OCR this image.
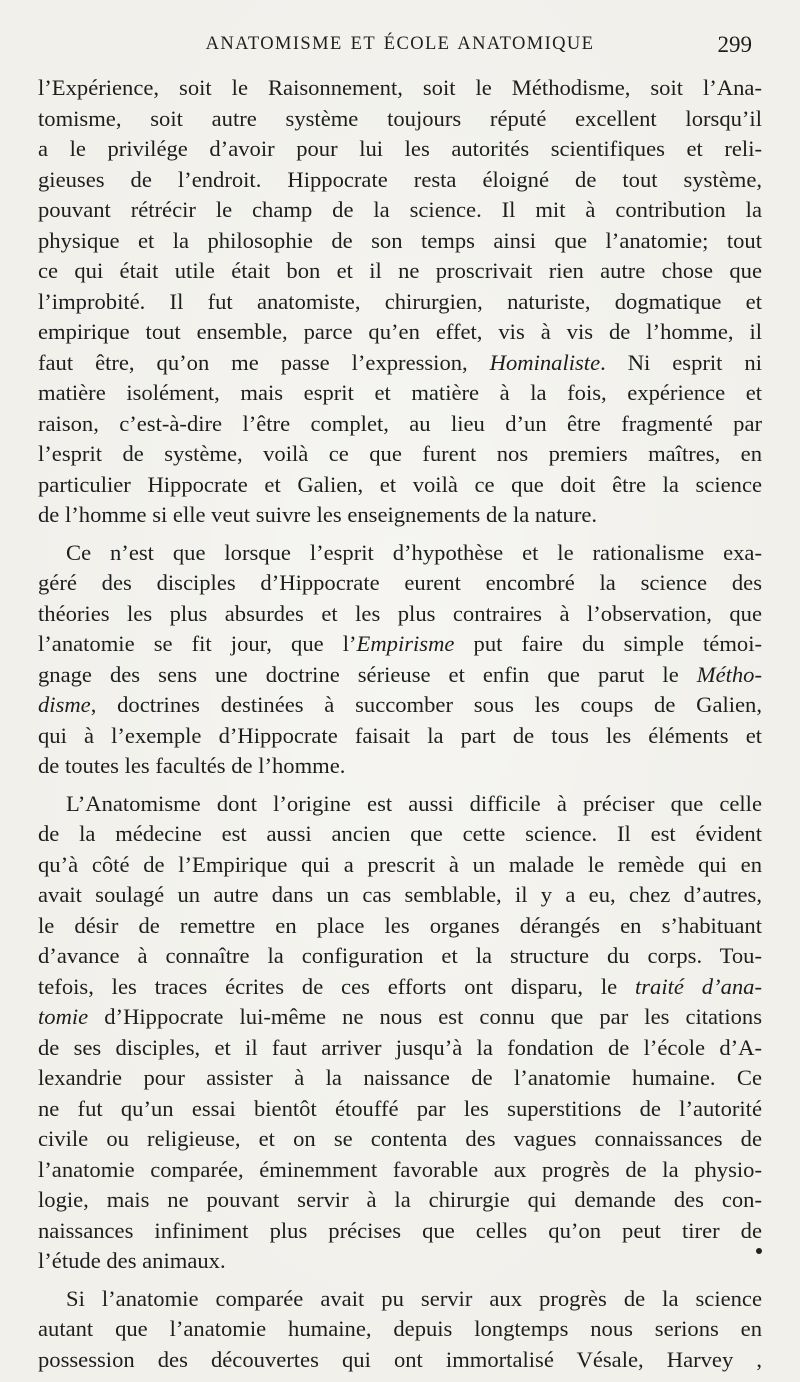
ANATOMISME ET ÉCOLE ANATOMIQUE	299
l’Expérience, soit le Raisonnement, soit le Méthodisme, soit l’Ana-
tomisme, soit autre système toujours réputé excellent lorsqu’il
a le privilége d’avoir pour lui les autorités scientifiques et reli-
gieuses de l’endroit. Hippocrate resta éloigné de tout système,
pouvant rétrécir le champ de la science. Il mit à contribution la
physique et la philosophie de son temps ainsi que l’anatomie; tout
ce qui était utile était bon et il ne proscrivait rien autre chose que
l’improbité. Il fut anatomiste, chirurgien, naturiste, dogmatique et
empirique tout ensemble, parce qu’en effet, vis à vis de l’homme, il
faut être, qu’on me passe l’expression, Hominaliste. Ni esprit ni
matière isolément, mais esprit et matière à la fois, expérience et
raison, c’est-à-dire l’être complet, au lieu d’un être fragmenté par
l’esprit de système, voilà ce que furent nos premiers maîtres, en
particulier Hippocrate et Galien, et voilà ce que doit être la science
de l’homme si elle veut suivre les enseignements de la nature.
Ce n’est que lorsque l’esprit d’hypothèse et le rationalisme exa-
géré des disciples d’Hippocrate eurent encombré la science des
théories les plus absurdes et les plus contraires à l’observation, que
l’anatomie se fit jour, que l’Empirisme put faire du simple témoi-
gnage des sens une doctrine sérieuse et enfin que parut le Métho-
disme, doctrines destinées à succomber sous les coups de Galien,
qui à l’exemple d’Hippocrate faisait la part de tous les éléments et
de toutes les facultés de l’homme.
L’Anatomisme dont l’origine est aussi difficile à préciser que celle
de la médecine est aussi ancien que cette science. Il est évident
qu’à côté de l’Empirique qui a prescrit à un malade le remède qui en
avait soulagé un autre dans un cas semblable, il y a eu, chez d’autres,
le désir de remettre en place les organes dérangés en s’habituant
d’avance à connaître la configuration et la structure du corps. Tou-
tefois, les traces écrites de ces efforts ont disparu, le traité d’ana-
tomie d’Hippocrate lui-même ne nous est connu que par les citations
de ses disciples, et il faut arriver jusqu’à la fondation de l’école d’A-
lexandrie pour assister à la naissance de l’anatomie humaine. Ce
ne fut qu’un essai bientôt étouffé par les superstitions de l’autorité
civile ou religieuse, et on se contenta des vagues connaissances de
l’anatomie comparée, éminemment favorable aux progrès de la physio-
logie, mais ne pouvant servir à la chirurgie qui demande des con-
naissances infiniment plus précises que celles qu’on peut tirer de
l’étude des animaux.
Si l’anatomie comparée avait pu servir aux progrès de la science
autant que l’anatomie humaine, depuis longtemps nous serions en
possession des découvertes qui ont immortalisé Vésale, Harvey ,
